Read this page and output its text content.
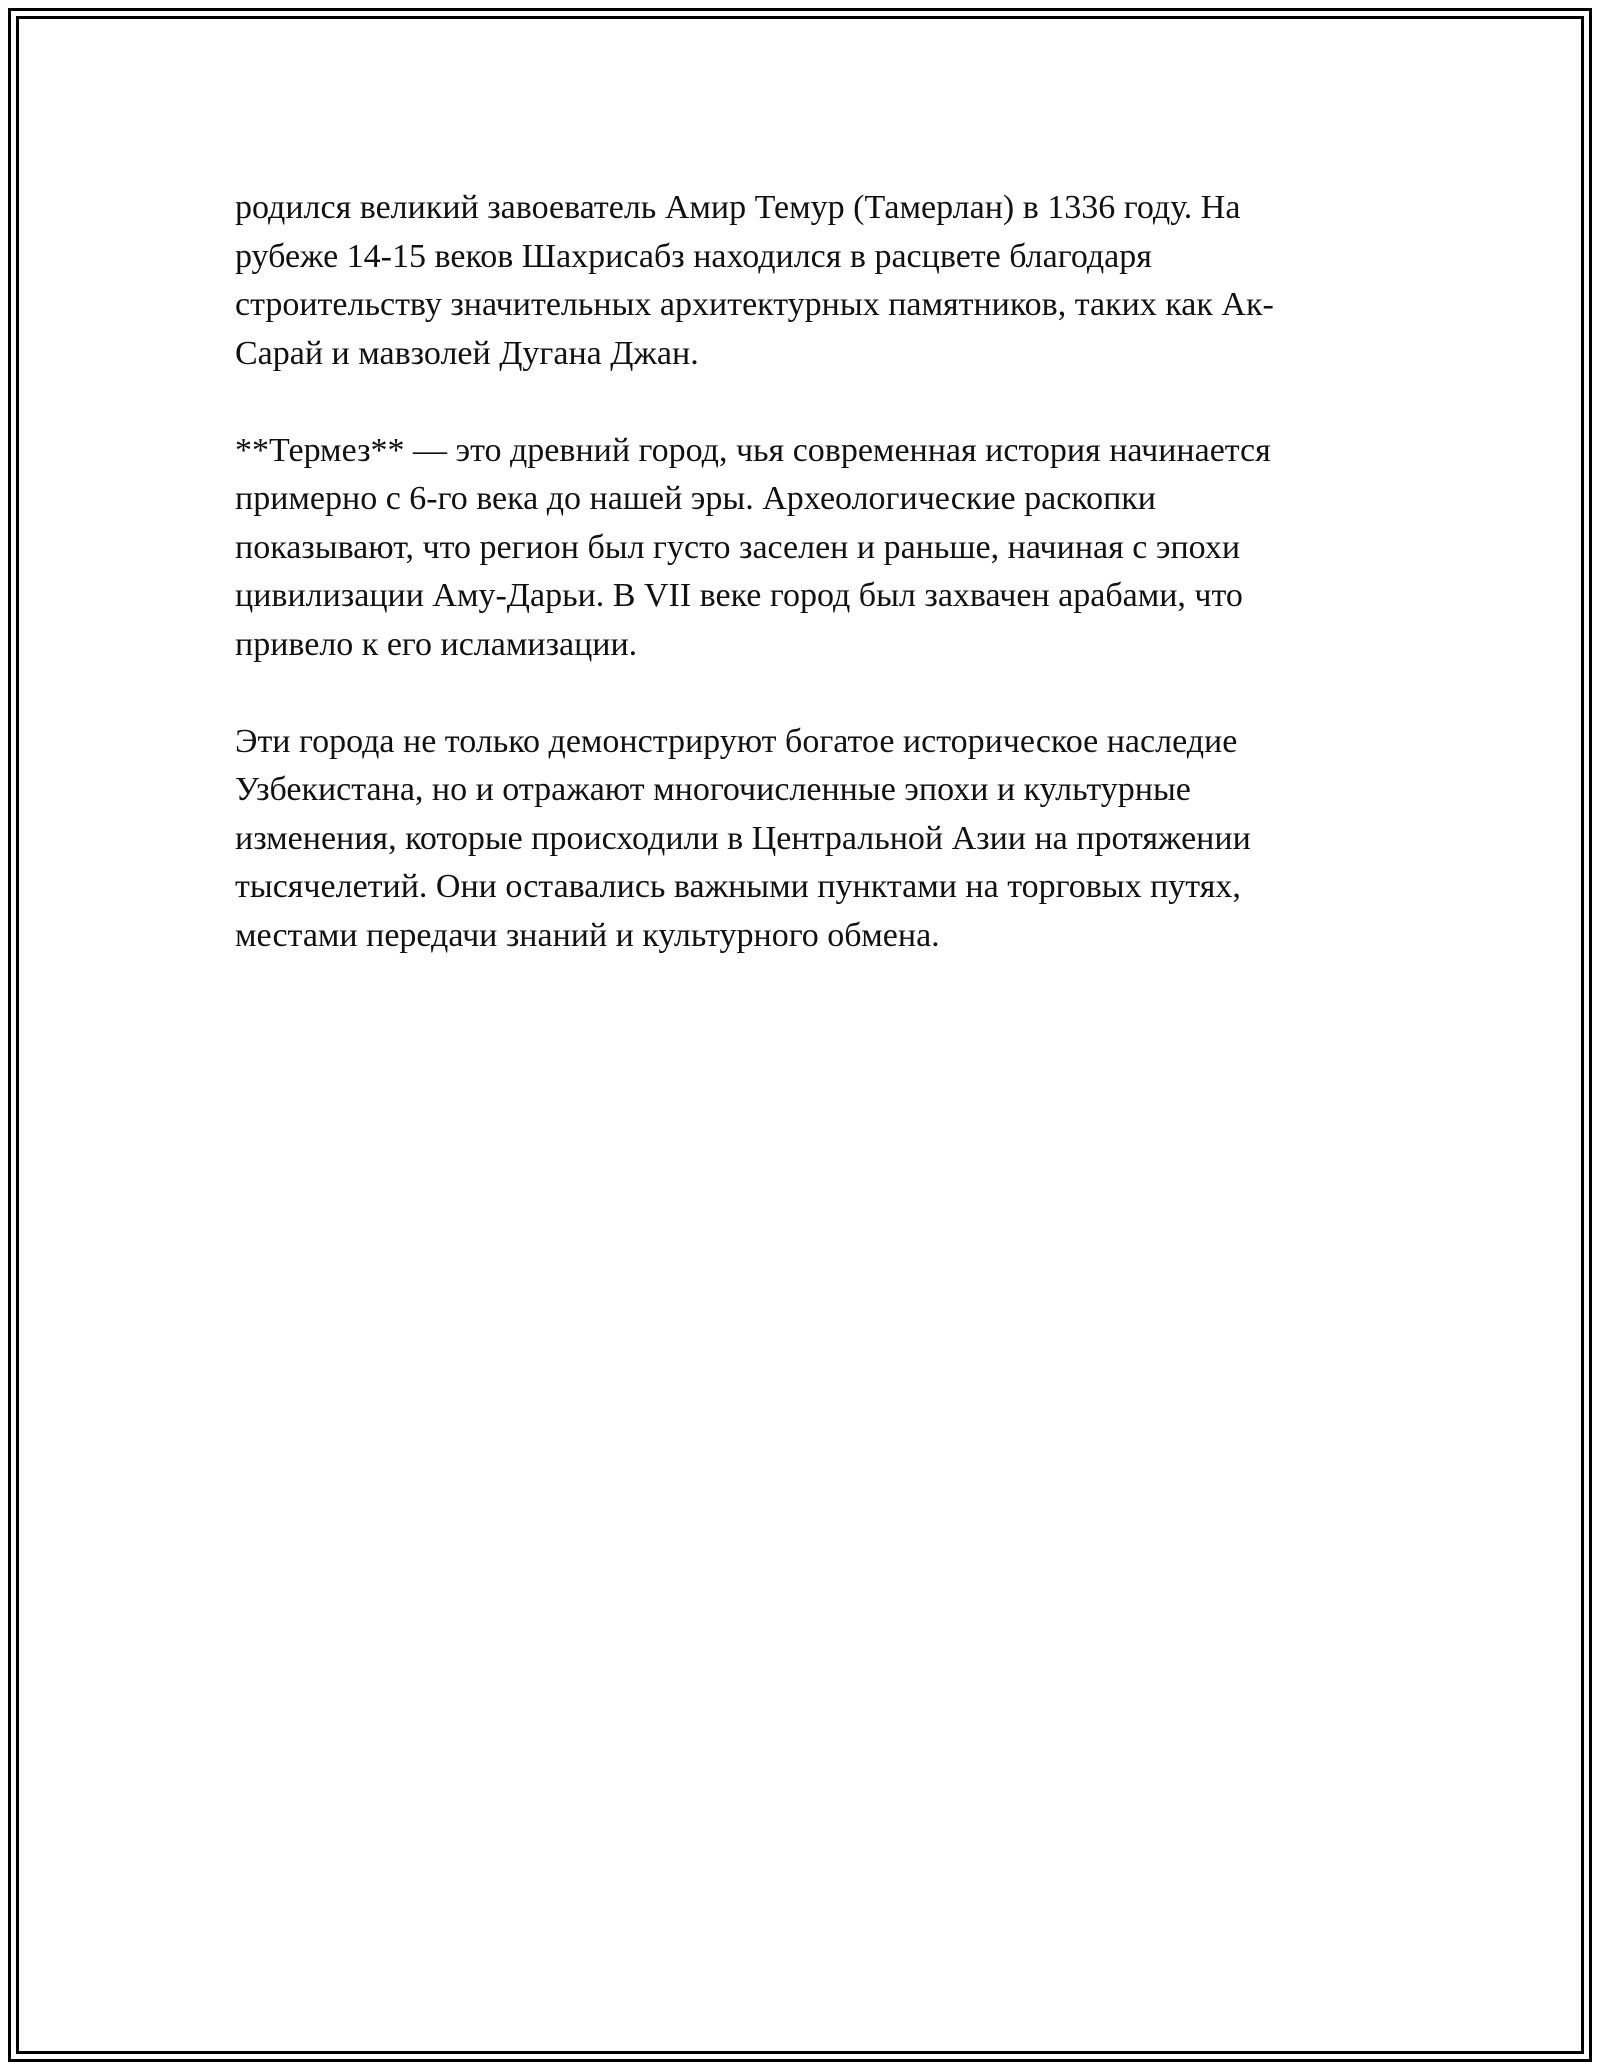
родился великий завоеватель Амир Темур (Тамерлан) в 1336 году. На
рубеже 14-15 веков Шахрисабз находился в расцвете благодаря
строительству значительных архитектурных памятников, таких как Ак-
Сарай и мавзолей Дугана Джан.

**Термез** — это древний город, чья современная история начинается
примерно с 6-го века до нашей эры. Археологические раскопки
показывают, что регион был густо заселен и раньше, начиная с эпохи
цивилизации Аму-Дарьи. В VII веке город был захвачен арабами, что
привело к его исламизации.

Эти города не только демонстрируют богатое историческое наследие
Узбекистана, но и отражают многочисленные эпохи и культурные
изменения, которые происходили в Центральной Азии на протяжении
тысячелетий. Они оставались важными пунктами на торговых путях,
местами передачи знаний и культурного обмена.
